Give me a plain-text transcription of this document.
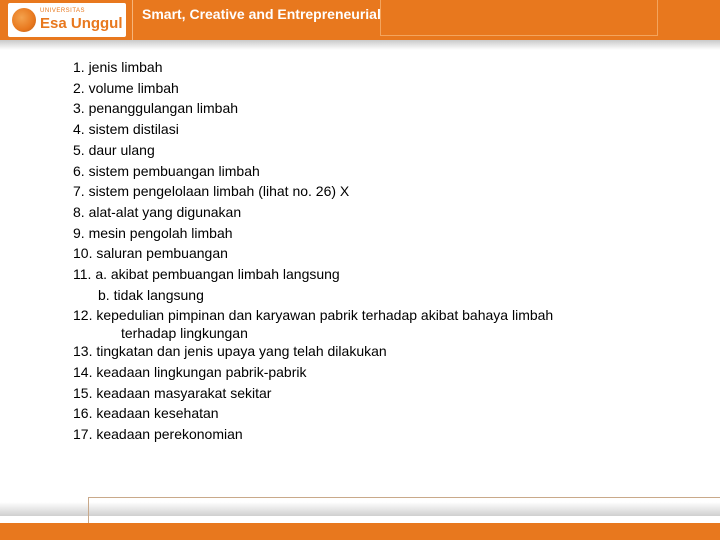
UNIVERSITAS
Esa Unggul
Smart, Creative and Entrepreneurial
1. jenis limbah
2. volume limbah
3. penanggulangan limbah
4. sistem distilasi
5. daur ulang
6. sistem pembuangan limbah
7. sistem pengelolaan limbah (lihat no. 26) X
8. alat-alat yang digunakan
9. mesin pengolah limbah
10. saluran pembuangan
11. a. akibat pembuangan limbah langsung
b. tidak langsung
12. kepedulian pimpinan dan karyawan pabrik terhadap akibat bahaya limbah
terhadap lingkungan
13. tingkatan dan jenis upaya yang telah dilakukan
14. keadaan lingkungan pabrik-pabrik
15. keadaan masyarakat sekitar
16. keadaan kesehatan
17. keadaan perekonomian
